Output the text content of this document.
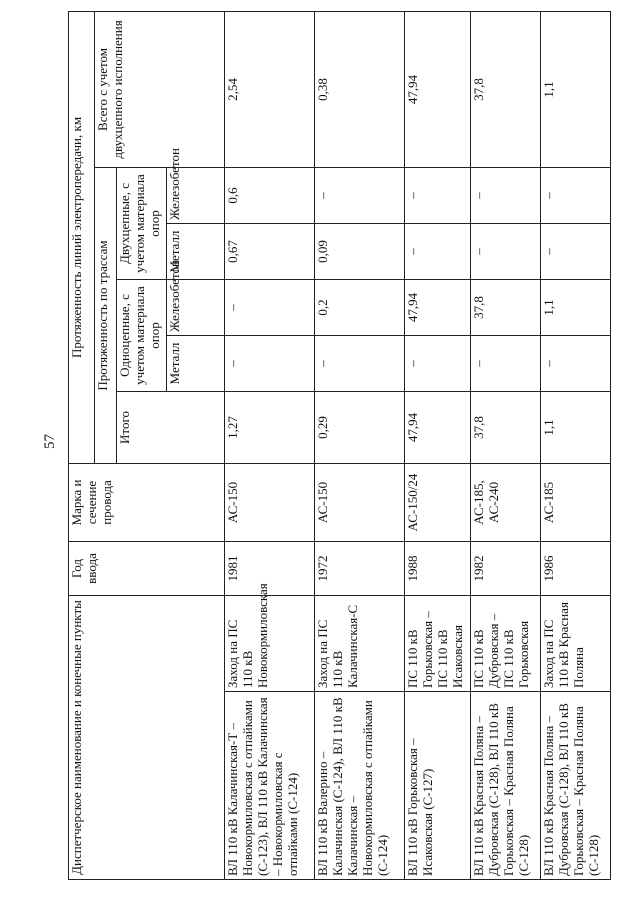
57
Диспетчерское наименование и конечные пункты		Год ввода	Марка и сечение провода	Протяженность линий электропередачи, км					
				Протяженность по трассам					Всего с учетом двухцепного исполнения
				Итого	Одноцепные, с учетом материала опор		Двухцепные, с учетом материала опор		
					Металл	Железобетон	Металл	Железобетон	
ВЛ 110 кВ Калачинская-Т – Новокормиловская с отпайками (С-123), ВЛ 110 кВ Калачинская – Новокормиловская с отпайками (С-124)	Заход на ПС 110 кВ Новокормиловская	1981	АС-150	1,27	–	–	0,67	0,6	2,54
ВЛ 110 кВ Валерино – Калачинская (С-124), ВЛ 110 кВ Калачинская – Новокормиловская с отпайками (С-124)	Заход на ПС 110 кВ Калачинская-С	1972	АС-150	0,29	–	0,2	0,09	–	0,38
ВЛ 110 кВ Горьковская – Исаковская (С-127)	ПС 110 кВ Горьковская – ПС 110 кВ Исаковская	1988	АС-150/24	47,94	–	47,94	–	–	47,94
ВЛ 110 кВ Красная Поляна – Дубровская (С-128), ВЛ 110 кВ Горьковская – Красная Поляна (С-128)	ПС 110 кВ Дубровская – ПС 110 кВ Горьковская	1982	АС-185, АС-240	37,8	–	37,8	–	–	37,8
ВЛ 110 кВ Красная Поляна – Дубровская (С-128), ВЛ 110 кВ Горьковская – Красная Поляна (С-128)	Заход на ПС 110 кВ Красная Поляна	1986	АС-185	1,1	–	1,1	–	–	1,1
